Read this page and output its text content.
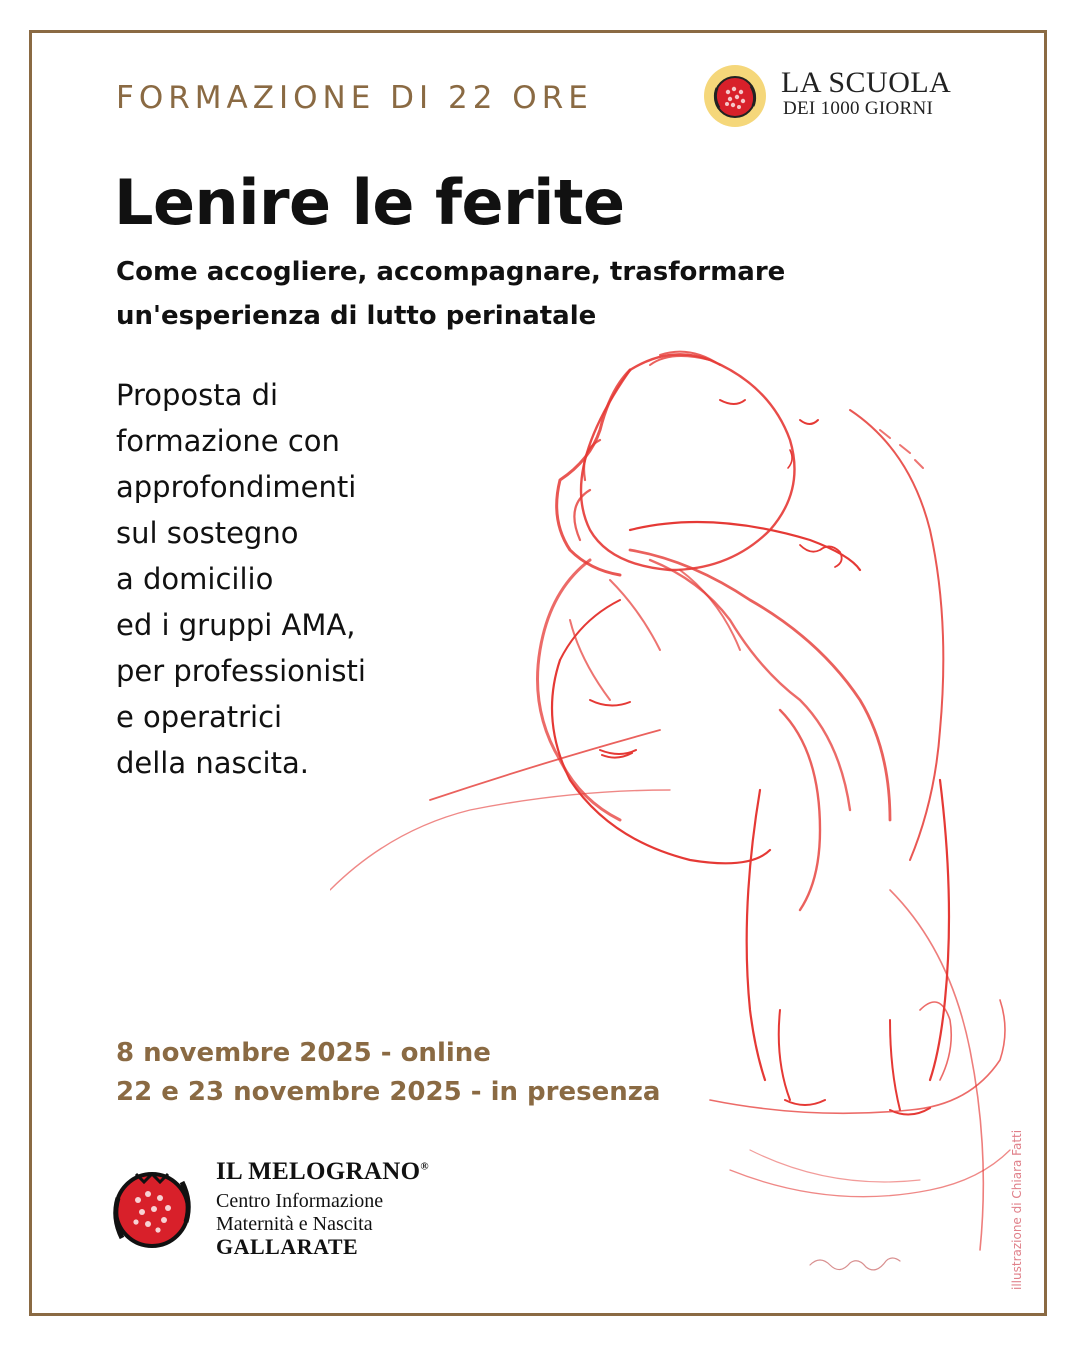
FORMAZIONE DI 22 ORE	LA SCUOLA
DEI 1000 GIORNI
Lenire le ferite
Come accogliere, accompagnare, trasformare
un'esperienza di lutto perinatale
Proposta di
formazione con
approfondimenti
sul sostegno
a domicilio
ed i gruppi AMA,
per professionisti
e operatrici
della nascita.
8 novembre 2025 - online
22 e 23 novembre 2025 - in presenza
IL MELOGRANO®
Centro Informazione
Maternità e Nascita
GALLARATE	illustrazione di Chiara Fatti
